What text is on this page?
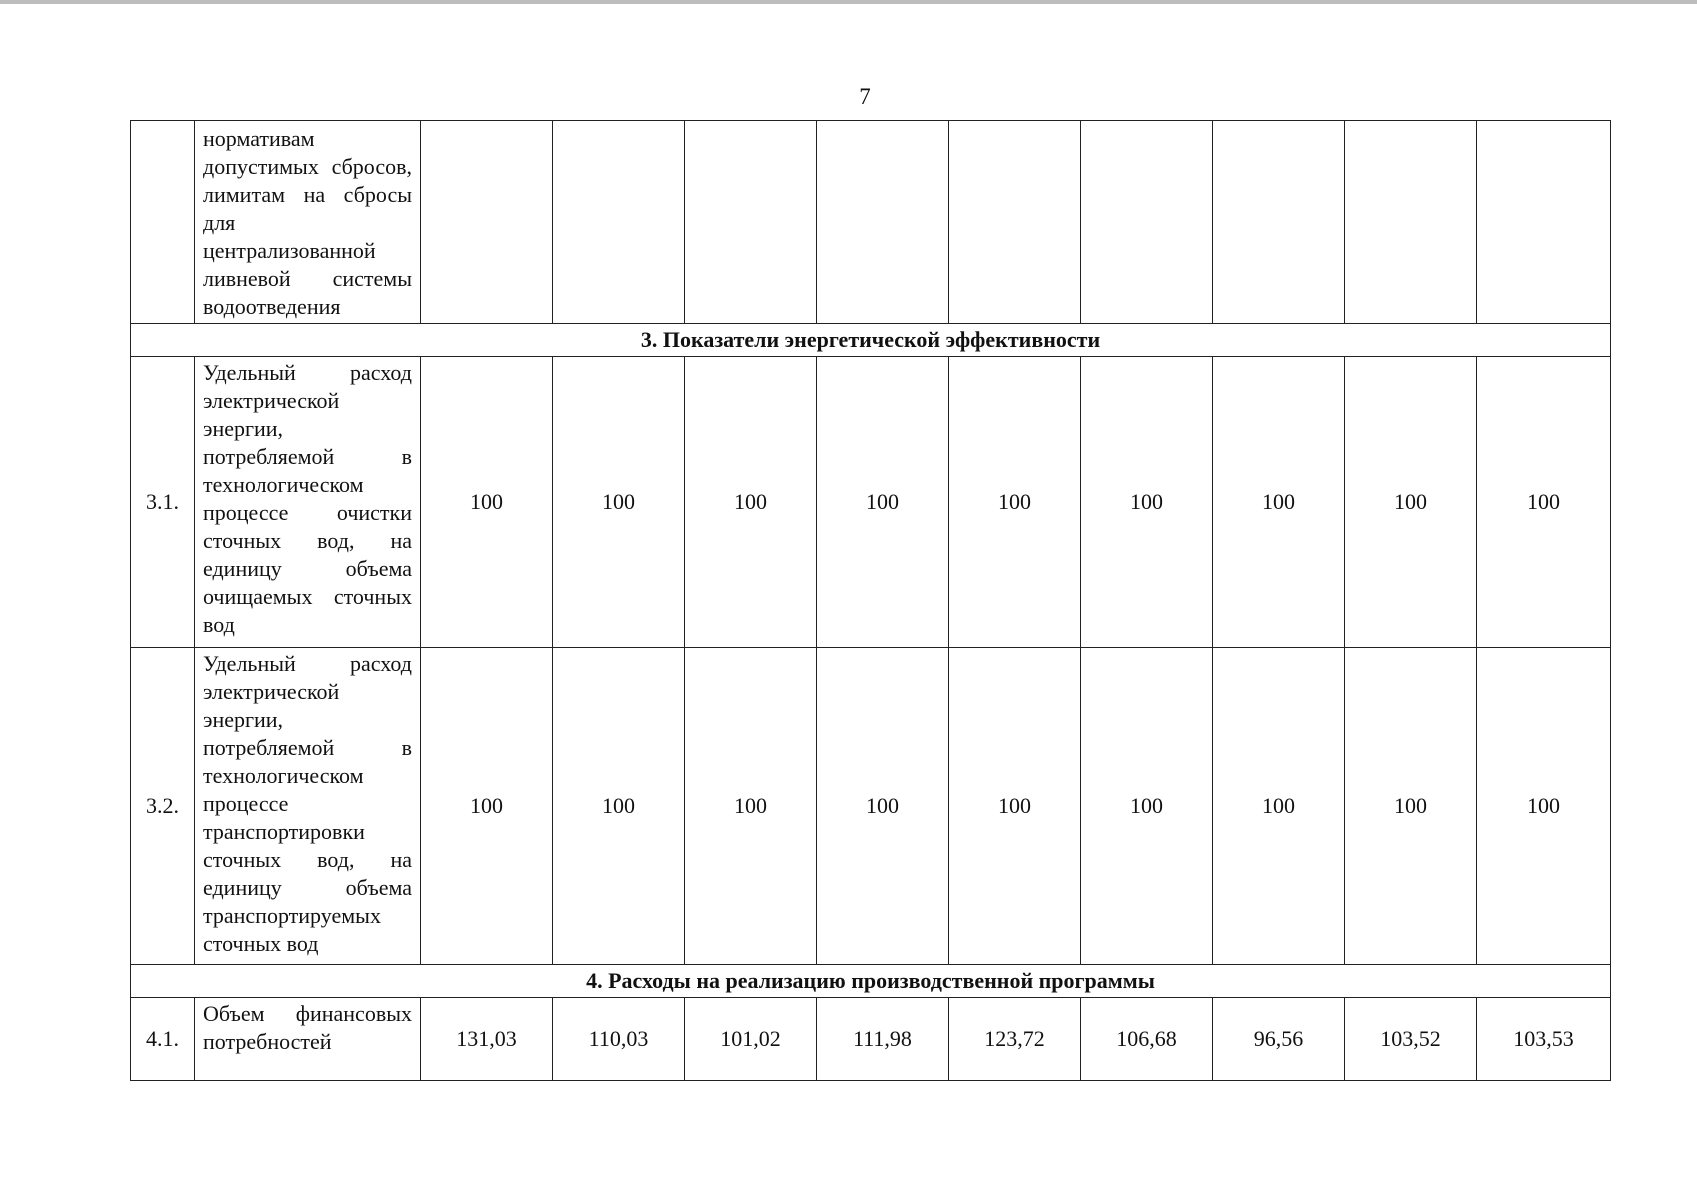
7
	нормативам допустимых сбросов, лимитам на сбросы для централизованной ливневой системы водоотведения									
3. Показатели энергетической эффективности										
3.1.	Удельный расход электрической энергии, потребляемой в технологическом процессе очистки сточных вод, на единицу объема очищаемых сточных вод	100	100	100	100	100	100	100	100	100
3.2.	Удельный расход электрической энергии, потребляемой в технологическом процессе транспортировки сточных вод, на единицу объема транспортируемых сточных вод	100	100	100	100	100	100	100	100	100
4. Расходы на реализацию производственной программы										
4.1.	Объем финансовых потребностей	131,03	110,03	101,02	111,98	123,72	106,68	96,56	103,52	103,53
